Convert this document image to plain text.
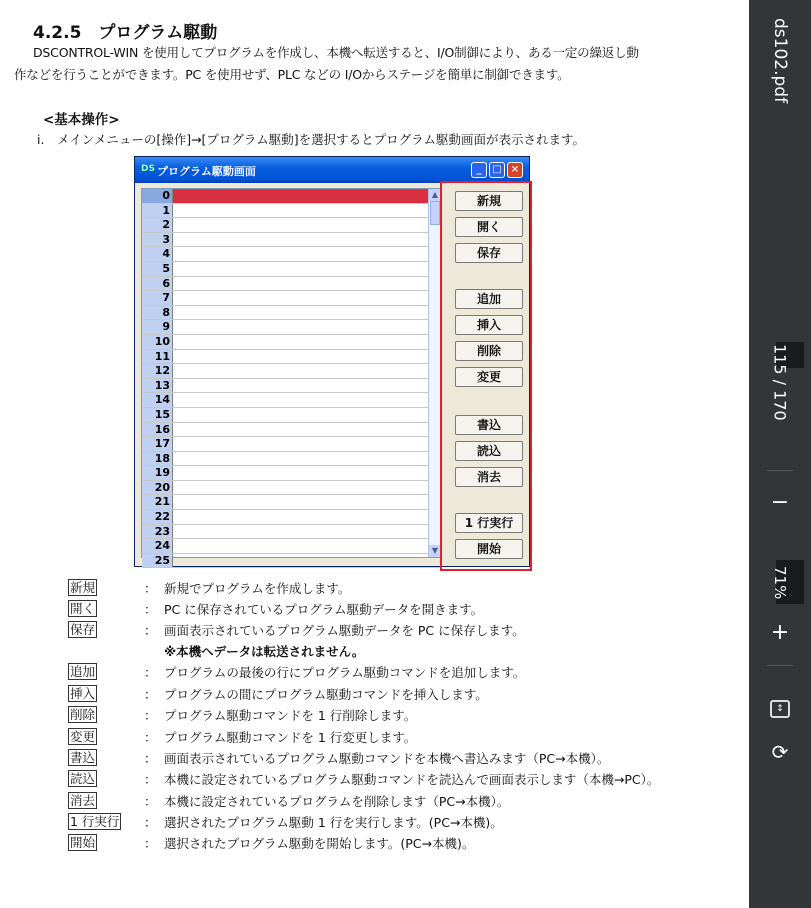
4.2.5　プログラム駆動
DSCONTROL-WIN を使用してプログラムを作成し、本機へ転送すると、I/O制御により、ある一定の繰返し動
作などを行うことができます。PC を使用せず、PLC などの I/Oからステージを簡単に制御できます。
<基本操作>
i.　メインメニューの[操作]→[プログラム駆動]を選択するとプログラム駆動画面が表示されます。
DS プログラム駆動画面	_	□ ×
0
1
2
3
4
5
6
7
8
9
10
11
12
13
14
15
16
17
18
19
20
21
22
23
24
25
▲
▼
新規
開く
保存
追加
挿入
削除
変更
書込
読込
消去
1 行実行
開始
新規	： 新規でプログラムを作成します。
開く	： PC に保存されているプログラム駆動データを開きます。
保存	： 画面表示されているプログラム駆動データを PC に保存します。
※本機へデータは転送されません。
追加	： プログラムの最後の行にプログラム駆動コマンドを追加します。
挿入	： プログラムの間にプログラム駆動コマンドを挿入します。
削除	： プログラム駆動コマンドを 1 行削除します。
変更	： プログラム駆動コマンドを 1 行変更します。
書込	： 画面表示されているプログラム駆動コマンドを本機へ書込みます（PC→本機）。
読込	： 本機に設定されているプログラム駆動コマンドを読込んで画面表示します（本機→PC）。
消去	： 本機に設定されているプログラムを削除します（PC→本機）。
1 行実行 ： 選択されたプログラム駆動 1 行を実行します。(PC→本機)。
開始	： 選択されたプログラム駆動を開始します。(PC→本機)。
ds102.pdf
115 / 170
−
71%
+
↕
⟳
